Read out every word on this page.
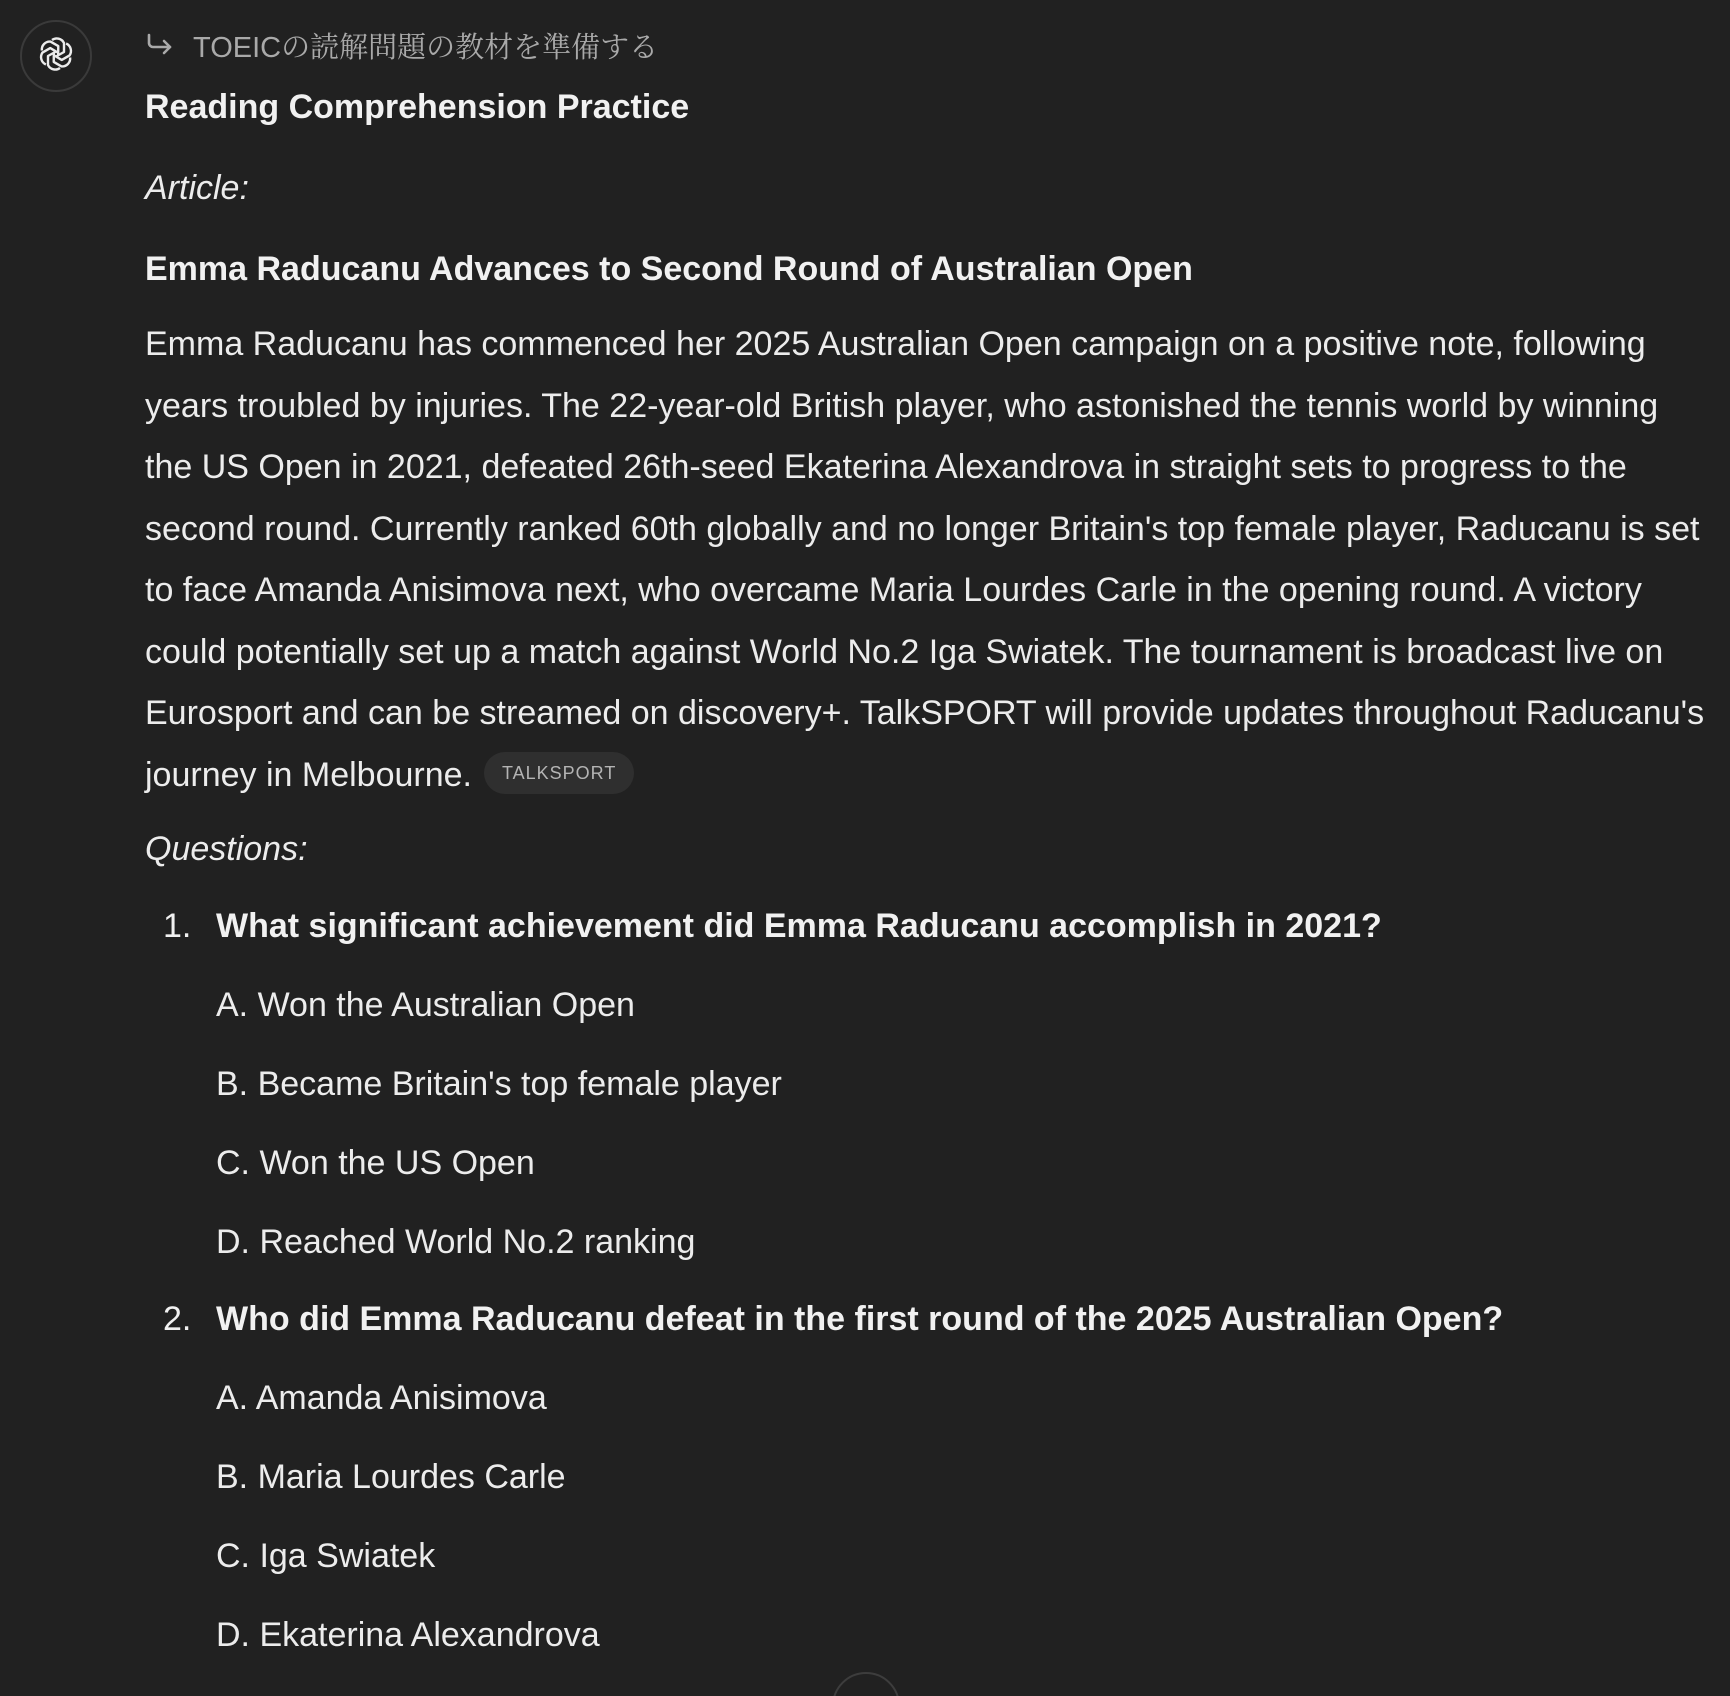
TOEICの読解問題の教材を準備する
Reading Comprehension Practice
Article:
Emma Raducanu Advances to Second Round of Australian Open
Emma Raducanu has commenced her 2025 Australian Open campaign on a positive note, following years troubled by injuries. The 22-year-old British player, who astonished the tennis world by winning the US Open in 2021, defeated 26th-seed Ekaterina Alexandrova in straight sets to progress to the second round. Currently ranked 60th globally and no longer Britain's top female player, Raducanu is set to face Amanda Anisimova next, who overcame Maria Lourdes Carle in the opening round. A victory could potentially set up a match against World No.2 Iga Swiatek. The tournament is broadcast live on Eurosport and can be streamed on discovery+. TalkSPORT will provide updates throughout Raducanu's journey in Melbourne. TALKSPORT
Questions:
1. What significant achievement did Emma Raducanu accomplish in 2021?
A. Won the Australian Open
B. Became Britain's top female player
C. Won the US Open
D. Reached World No.2 ranking
2. Who did Emma Raducanu defeat in the first round of the 2025 Australian Open?
A. Amanda Anisimova
B. Maria Lourdes Carle
C. Iga Swiatek
D. Ekaterina Alexandrova
